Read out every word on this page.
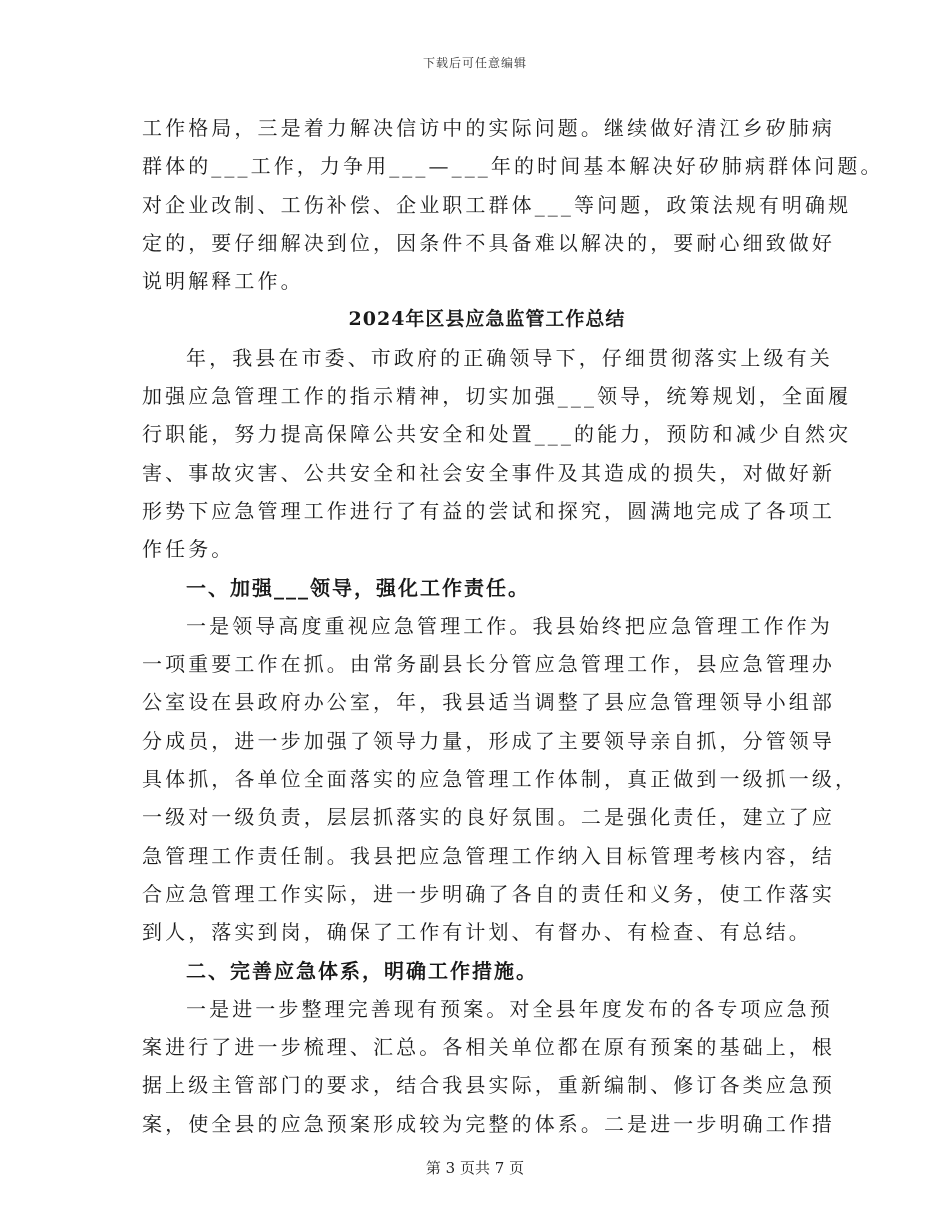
下载后可任意编辑
工作格局，三是着力解决信访中的实际问题。继续做好清江乡矽肺病
群体的___工作，力争用___—___年的时间基本解决好矽肺病群体问题。
对企业改制、工伤补偿、企业职工群体___等问题，政策法规有明确规
定的，要仔细解决到位，因条件不具备难以解决的，要耐心细致做好
说明解释工作。
2024年区县应急监管工作总结
年，我县在市委、市政府的正确领导下，仔细贯彻落实上级有关
加强应急管理工作的指示精神，切实加强___领导，统筹规划，全面履
行职能，努力提高保障公共安全和处置___的能力，预防和减少自然灾
害、事故灾害、公共安全和社会安全事件及其造成的损失，对做好新
形势下应急管理工作进行了有益的尝试和探究，圆满地完成了各项工
作任务。
一、加强___领导，强化工作责任。
一是领导高度重视应急管理工作。我县始终把应急管理工作作为
一项重要工作在抓。由常务副县长分管应急管理工作，县应急管理办
公室设在县政府办公室，年，我县适当调整了县应急管理领导小组部
分成员，进一步加强了领导力量，形成了主要领导亲自抓，分管领导
具体抓，各单位全面落实的应急管理工作体制，真正做到一级抓一级，
一级对一级负责，层层抓落实的良好氛围。二是强化责任，建立了应
急管理工作责任制。我县把应急管理工作纳入目标管理考核内容，结
合应急管理工作实际，进一步明确了各自的责任和义务，使工作落实
到人，落实到岗，确保了工作有计划、有督办、有检查、有总结。
二、完善应急体系，明确工作措施。
一是进一步整理完善现有预案。对全县年度发布的各专项应急预
案进行了进一步梳理、汇总。各相关单位都在原有预案的基础上，根
据上级主管部门的要求，结合我县实际，重新编制、修订各类应急预
案，使全县的应急预案形成较为完整的体系。二是进一步明确工作措
第 3 页共 7 页
